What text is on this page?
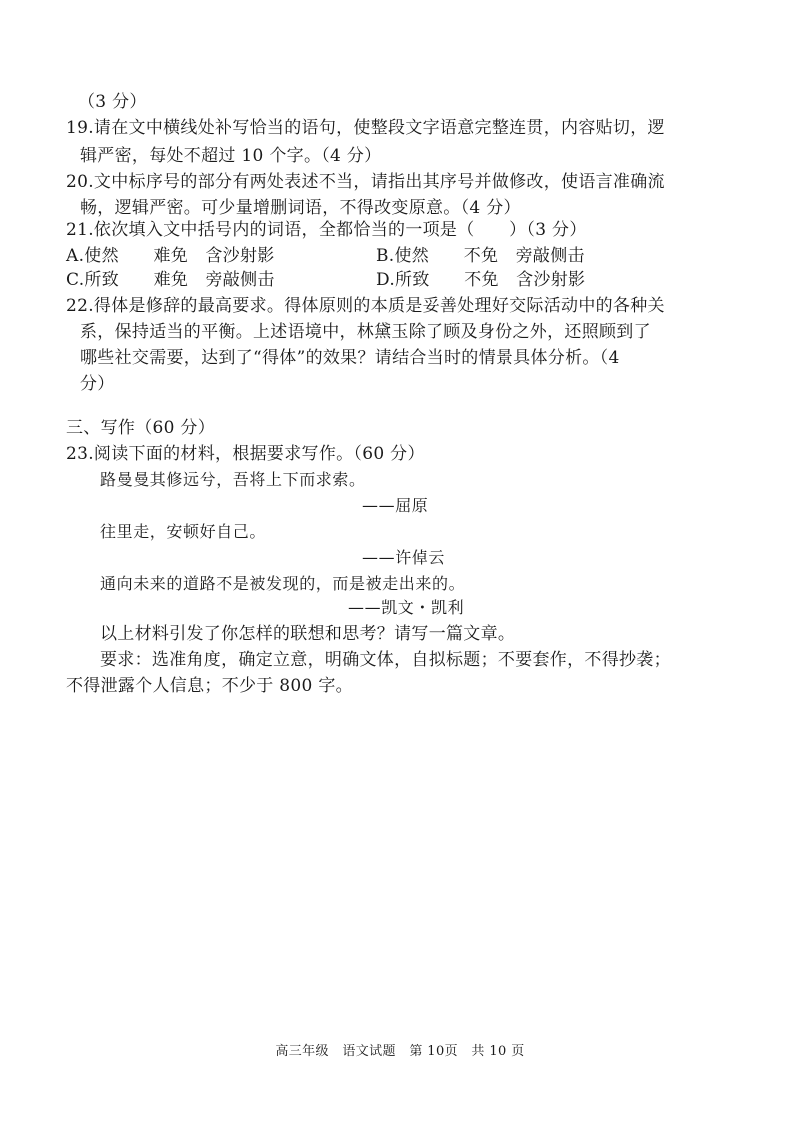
（3 分）
19.请在文中横线处补写恰当的语句，使整段文字语意完整连贯，内容贴切，逻
辑严密，每处不超过 10 个字。（4 分）
20.文中标序号的部分有两处表述不当，请指出其序号并做修改，使语言准确流
畅，逻辑严密。可少量增删词语，不得改变原意。（4 分）
21.依次填入文中括号内的词语，全都恰当的一项是（　　）（3 分）
A.使然　　难免　含沙射影	B.使然　　不免　旁敲侧击
C.所致　　难免　旁敲侧击	D.所致　　不免　含沙射影
22.得体是修辞的最高要求。得体原则的本质是妥善处理好交际活动中的各种关
系，保持适当的平衡。上述语境中，林黛玉除了顾及身份之外，还照顾到了
哪些社交需要，达到了“得体”的效果？请结合当时的情景具体分析。（4
分）
三、写作（60 分）
23.阅读下面的材料，根据要求写作。（60 分）
路曼曼其修远兮，吾将上下而求索。
——屈原
往里走，安顿好自己。
——许倬云
通向未来的道路不是被发现的，而是被走出来的。
——凯文・凯利
以上材料引发了你怎样的联想和思考？请写一篇文章。
要求：选准角度，确定立意，明确文体，自拟标题；不要套作，不得抄袭；
不得泄露个人信息；不少于 800 字。
高三年级　语文试题　第 10页　共 10 页
